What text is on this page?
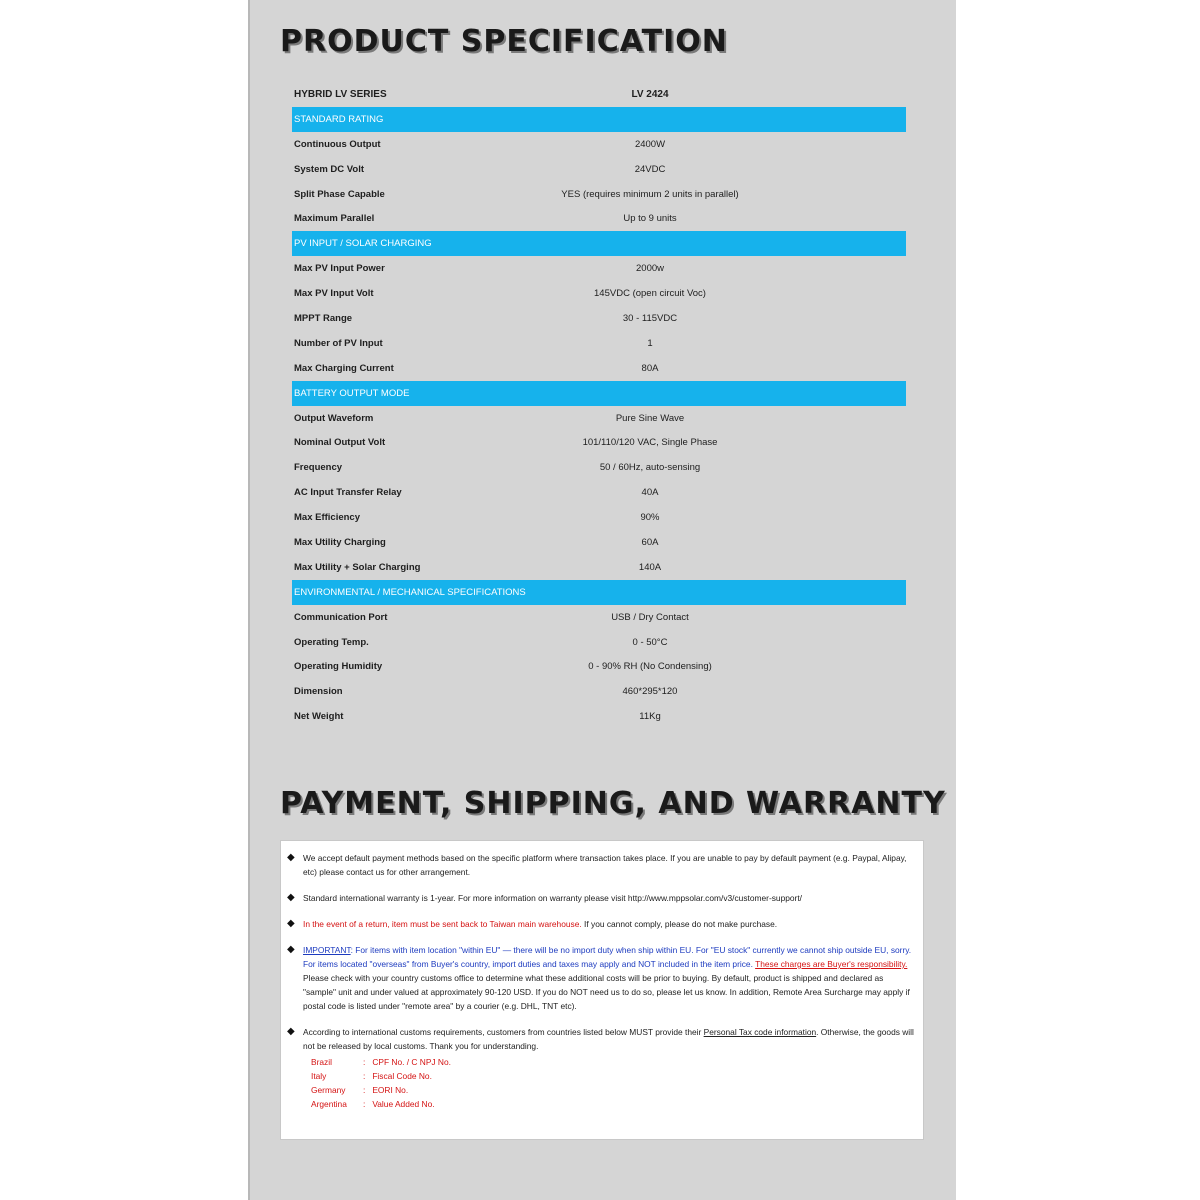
PRODUCT SPECIFICATION
HYBRID LV SERIES	LV 2424
STANDARD RATING
Continuous Output	2400W
System DC Volt	24VDC
Split Phase Capable	YES (requires minimum 2 units in parallel)
Maximum Parallel	Up to 9 units
PV INPUT / SOLAR CHARGING
Max PV Input Power	2000w
Max PV Input Volt	145VDC (open circuit Voc)
MPPT Range	30 - 115VDC
Number of PV Input	1
Max Charging Current	80A
BATTERY OUTPUT MODE
Output Waveform	Pure Sine Wave
Nominal Output Volt	101/110/120 VAC, Single Phase
Frequency	50 / 60Hz, auto-sensing
AC Input Transfer Relay	40A
Max Efficiency	90%
Max Utility Charging	60A
Max Utility + Solar Charging	140A
ENVIRONMENTAL / MECHANICAL SPECIFICATIONS
Communication Port	USB / Dry Contact
Operating Temp.	0 - 50°C
Operating Humidity	0 - 90% RH (No Condensing)
Dimension	460*295*120
Net Weight	11Kg
PAYMENT, SHIPPING, AND WARRANTY
◆ We accept default payment methods based on the specific platform where transaction takes place. If you are unable to pay by default payment (e.g. Paypal, Alipay, etc) please contact us for other arrangement.
◆ Standard international warranty is 1-year. For more information on warranty please visit http://www.mppsolar.com/v3/customer-support/
◆ In the event of a return, item must be sent back to Taiwan main warehouse. If you cannot comply, please do not make purchase.
◆ IMPORTANT: For items with item location "within EU" — there will be no import duty when ship within EU. For "EU stock" currently we cannot ship outside EU, sorry. For items located "overseas" from Buyer's country, import duties and taxes may apply and NOT included in the item price. These charges are Buyer's responsibility. Please check with your country customs office to determine what these additional costs will be prior to buying. By default, product is shipped and declared as "sample" unit and under valued at approximately 90-120 USD. If you do NOT need us to do so, please let us know. In addition, Remote Area Surcharge may apply if postal code is listed under "remote area" by a courier (e.g. DHL, TNT etc).
◆ According to international customs requirements, customers from countries listed below MUST provide their Personal Tax code information. Otherwise, the goods will not be released by local customs. Thank you for understanding.
Brazil	:   CPF No. / C NPJ No.
Italy	:   Fiscal Code No.
Germany :   EORI No.
Argentina :   Value Added No.
